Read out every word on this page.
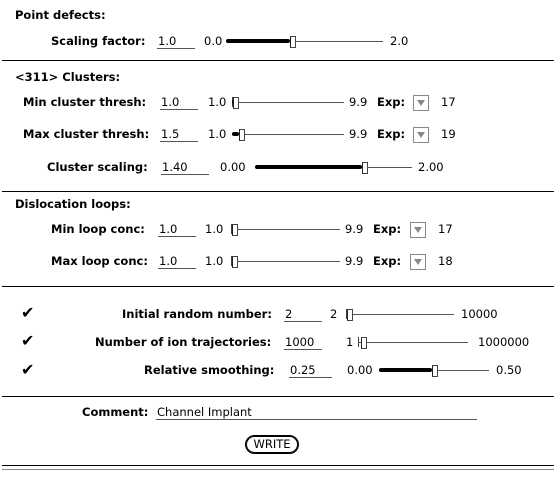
Point defects:
Scaling factor: 1.0	0.0	2.0
<311> Clusters:
Min cluster thresh: 1.0	1.0	9.9 Exp:	17
Max cluster thresh: 1.5	1.0	9.9 Exp:	19
Cluster scaling: 1.40	0.00	2.00
Dislocation loops:
Min loop conc: 1.0	1.0	9.9 Exp:	17
Max loop conc: 1.0	1.0	9.9 Exp:	18
✔	Initial random number: 2	2	10000
✔	Number of ion trajectories: 1000	1	1000000
✔	Relative smoothing: 0.25	0.00	0.50
Comment: Channel Implant
WRITE
